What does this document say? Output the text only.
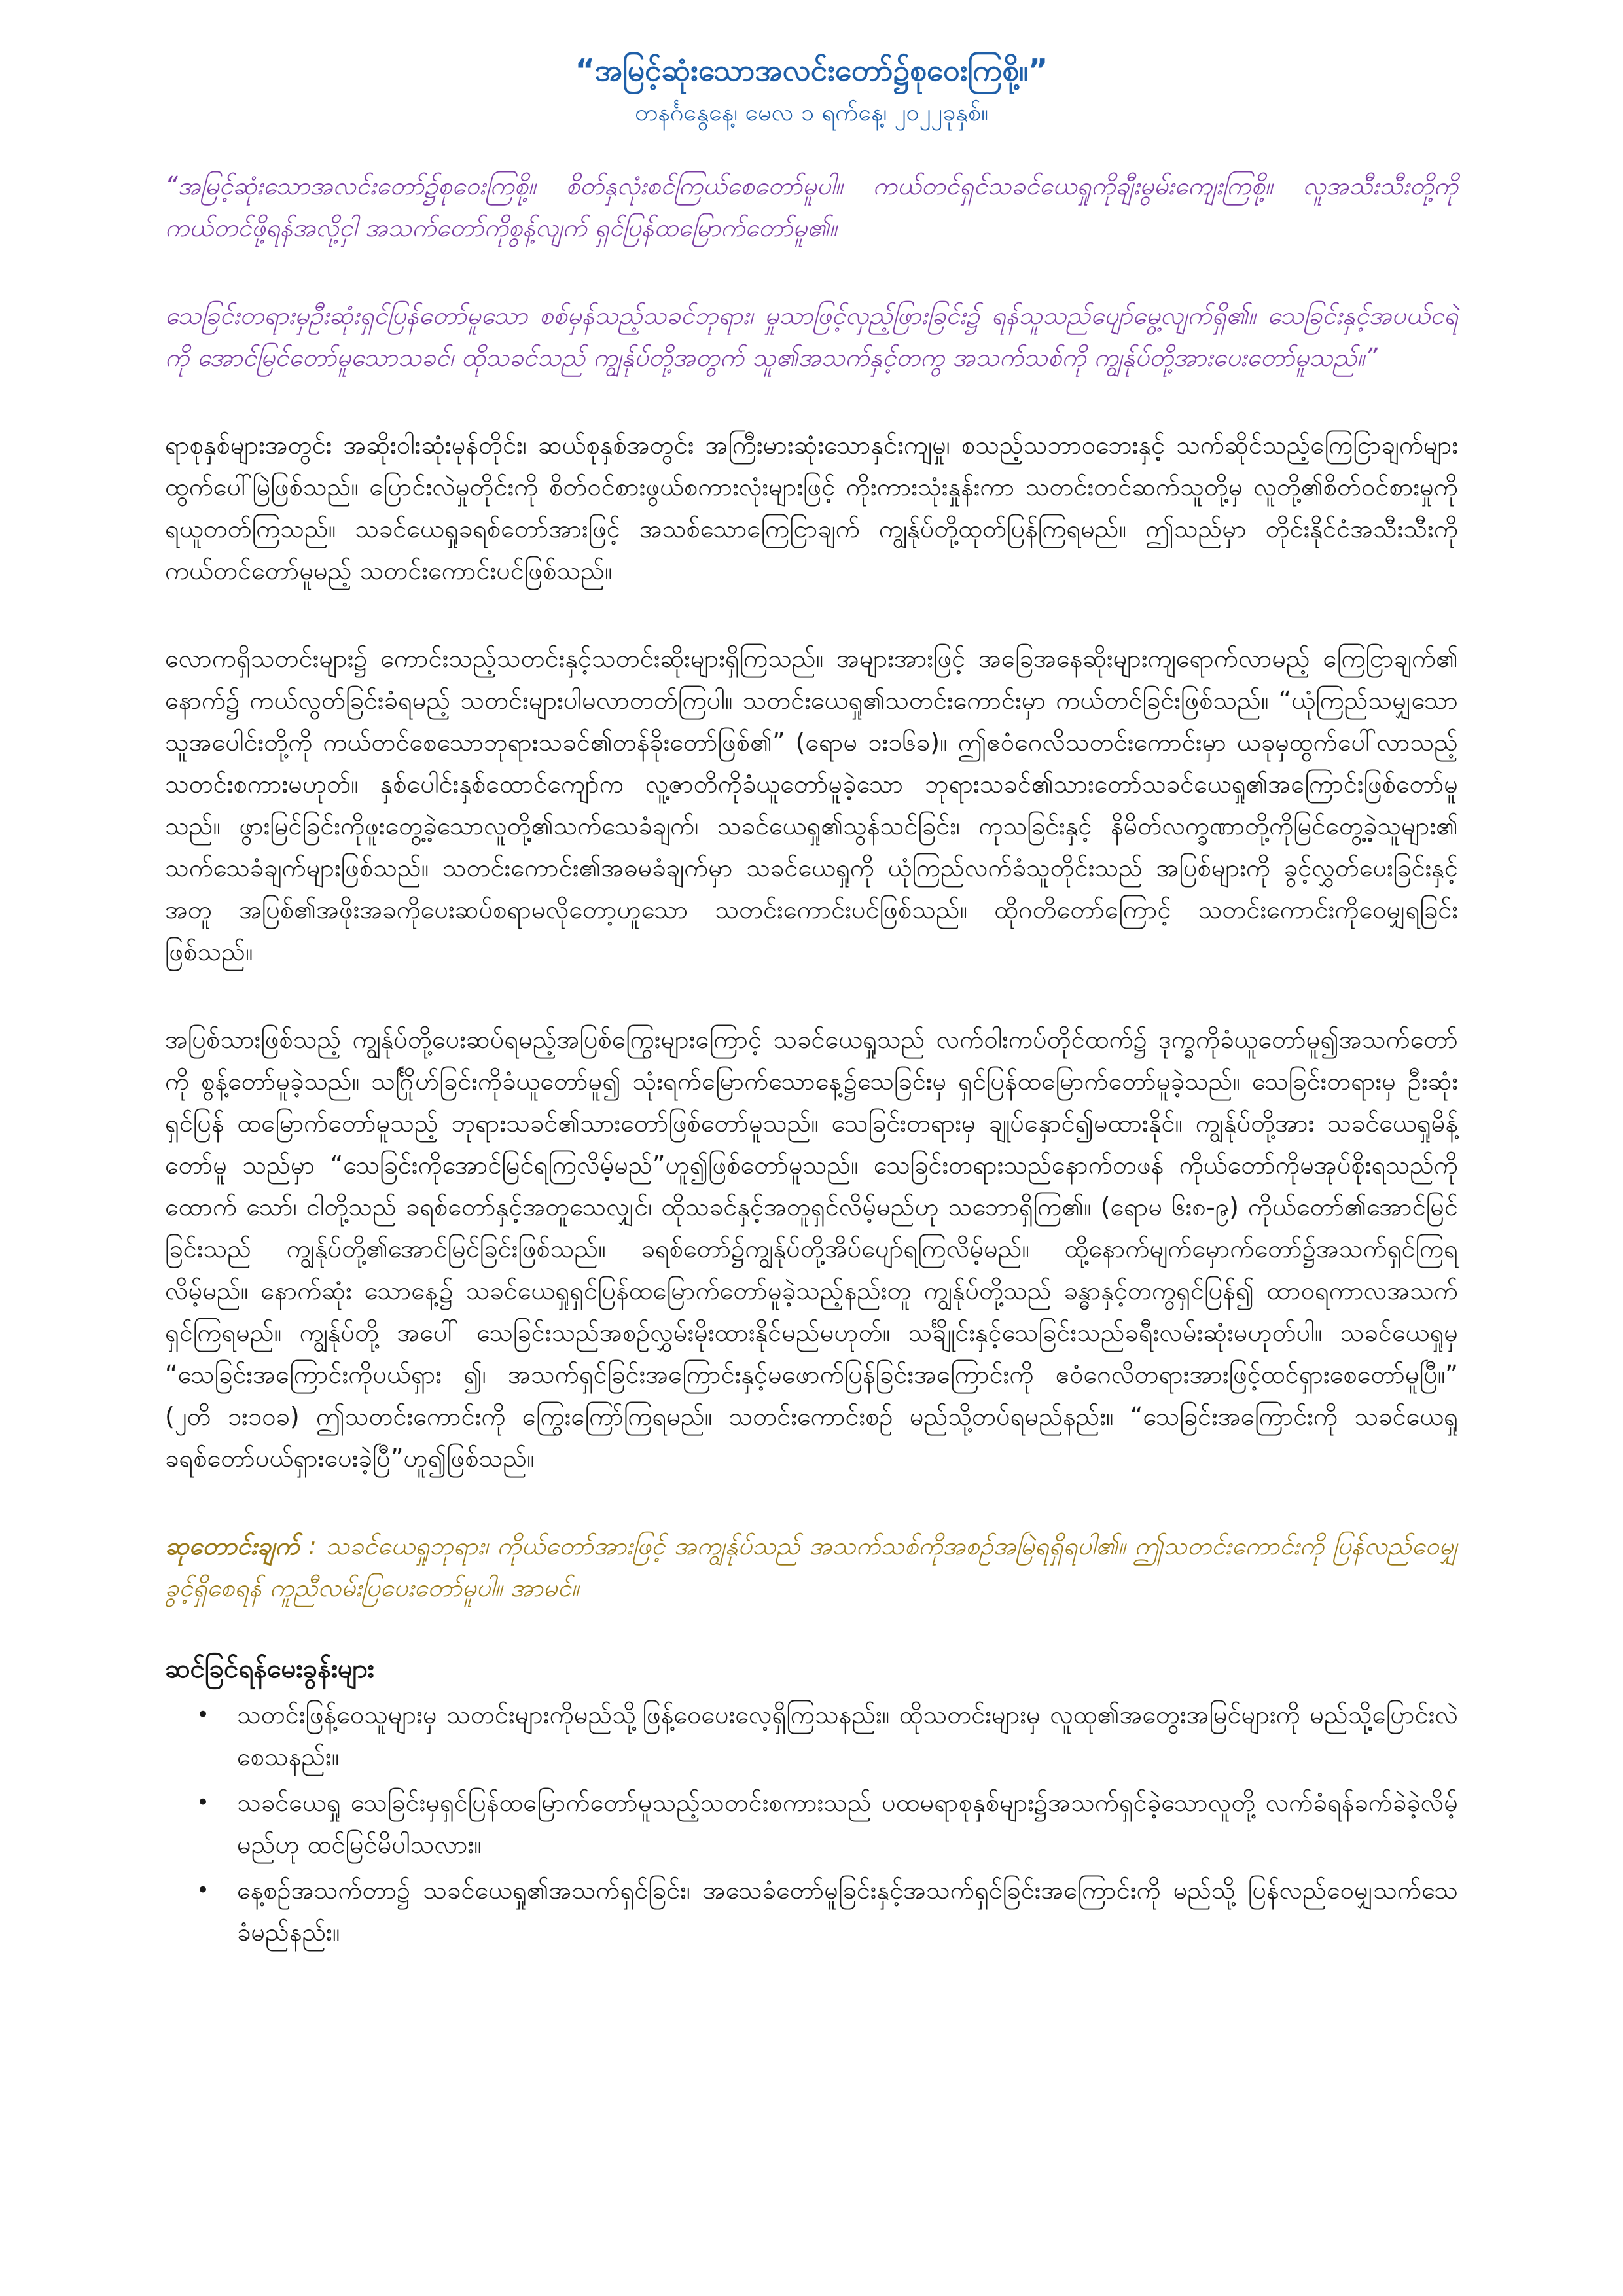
“အမြင့်ဆုံးသောအလင်းတော်၌စုဝေးကြစို့။”

တနင်္ဂနွေနေ့၊ မေလ ၁ ရက်နေ့၊ ၂၀၂၂ခုနှစ်။

“အမြင့်ဆုံးသောအလင်းတော်၌စုဝေးကြစို့။ စိတ်နှလုံးစင်ကြယ်စေတော်မူပါ။ ကယ်တင်ရှင်သခင်ယေရှုကိုချီးမွမ်းကျေးကြစို့။ လူအသီးသီးတို့ကို ကယ်တင်ဖို့ရန်အလို့ငှါ အသက်တော်ကိုစွန့်လျက် ရှင်ပြန်ထမြောက်တော်မူ၏။

သေခြင်းတရားမှဦးဆုံးရှင်ပြန်တော်မူသော စစ်မှန်သည့်သခင်ဘုရား၊ မှုသာဖြင့်လှည့်ဖြားခြင်း၌ ရန်သူသည်ပျော်မွေ့လျက်ရှိ၏။ သေခြင်းနှင့်အပယ်ငရဲကို အောင်မြင်တော်မူသောသခင်၊ ထိုသခင်သည် ကျွန်ုပ်တို့အတွက် သူ၏အသက်နှင့်တကွ အသက်သစ်ကို ကျွန်ုပ်တို့အားပေးတော်မူသည်။”

ရာစုနှစ်များအတွင်း အဆိုးဝါးဆုံးမုန်တိုင်း၊ ဆယ်စုနှစ်အတွင်း အကြီးမားဆုံးသောနှင်းကျမှု၊ စသည့်သဘာဝဘေးနှင့် သက်ဆိုင်သည့်ကြေငြာချက်များ ထွက်ပေါ်မြဲဖြစ်သည်။ ပြောင်းလဲမှုတိုင်းကို စိတ်ဝင်စားဖွယ်စကားလုံးများဖြင့် ကိုးကားသုံးနှုန်းကာ သတင်းတင်ဆက်သူတို့မှ လူတို့၏စိတ်ဝင်စားမှုကို ရယူတတ်ကြသည်။ သခင်ယေရှုခရစ်တော်အားဖြင့် အသစ်သောကြေငြာချက် ကျွန်ုပ်တို့ထုတ်ပြန်ကြရမည်။ ဤသည်မှာ တိုင်းနိုင်ငံအသီးသီးကို ကယ်တင်တော်မူမည့် သတင်းကောင်းပင်ဖြစ်သည်။

လောကရှိသတင်းများ၌ ကောင်းသည့်သတင်းနှင့်သတင်းဆိုးများရှိကြသည်။ အများအားဖြင့် အခြေအနေဆိုးများကျရောက်လာမည့် ကြေငြာချက်၏ နောက်၌ ကယ်လွတ်ခြင်းခံရမည့် သတင်းများပါမလာတတ်ကြပါ။ သတင်းယေရှု၏သတင်းကောင်းမှာ ကယ်တင်ခြင်းဖြစ်သည်။ “ယုံကြည်သမျှသော သူအပေါင်းတို့ကို ကယ်တင်စေသောဘုရားသခင်၏တန်ခိုးတော်ဖြစ်၏” (ရောမ ၁း၁၆ခ)။ ဤဧဝံဂေလိသတင်းကောင်းမှာ ယခုမှထွက်ပေါ်လာသည့် သတင်းစကားမဟုတ်။ နှစ်ပေါင်းနှစ်ထောင်ကျော်က လူ့ဇာတိကိုခံယူတော်မူခဲ့သော ဘုရားသခင်၏သားတော်သခင်ယေရှု၏အကြောင်းဖြစ်တော်မူ သည်။ ဖွားမြင်ခြင်းကိုဖူးတွေ့ခဲ့သောလူတို့၏သက်သေခံချက်၊ သခင်ယေရှု၏သွန်သင်ခြင်း၊ ကုသခြင်းနှင့် နိမိတ်လက္ခဏာတို့ကိုမြင်တွေ့ခဲ့သူများ၏ သက်သေခံချက်များဖြစ်သည်။ သတင်းကောင်း၏အဓမခံချက်မှာ သခင်ယေရှုကို ယုံကြည်လက်ခံသူတိုင်းသည် အပြစ်များကို ခွင့်လွှတ်ပေးခြင်းနှင့်အတူ အပြစ်၏အဖိုးအခကိုပေးဆပ်စရာမလိုတော့ဟူသော သတင်းကောင်းပင်ဖြစ်သည်။ ထိုဂတိတော်ကြောင့် သတင်းကောင်းကိုဝေမျှရခြင်းဖြစ်သည်။

အပြစ်သားဖြစ်သည့် ကျွန်ုပ်တို့ပေးဆပ်ရမည့်အပြစ်ကြွေးများကြောင့် သခင်ယေရှုသည် လက်ဝါးကပ်တိုင်ထက်၌ ဒုက္ခကိုခံယူတော်မူ၍အသက်တော်ကို စွန့်တော်မူခဲ့သည်။ သင်္ဂြိုဟ်ခြင်းကိုခံယူတော်မူ၍ သုံးရက်မြောက်သောနေ့၌သေခြင်းမှ ရှင်ပြန်ထမြောက်တော်မူခဲ့သည်။ သေခြင်းတရားမှ ဦးဆုံးရှင်ပြန် ထမြောက်တော်မူသည့် ဘုရားသခင်၏သားတော်ဖြစ်တော်မူသည်။ သေခြင်းတရားမှ ချုပ်နှောင်၍မထားနိုင်။ ကျွန်ုပ်တို့အား သခင်ယေရှုမိန့်တော်မူ သည်မှာ “သေခြင်းကိုအောင်မြင်ရကြလိမ့်မည်”ဟူ၍ဖြစ်တော်မူသည်။ သေခြင်းတရားသည်နောက်တဖန် ကိုယ်တော်ကိုမအုပ်စိုးရသည်ကိုထောက် သော်၊ ငါတို့သည် ခရစ်တော်နှင့်အတူသေလျှင်၊ ထိုသခင်နှင့်အတူရှင်လိမ့်မည်ဟု သဘောရှိကြ၏။ (ရောမ ၆း၈-၉) ကိုယ်တော်၏အောင်မြင်ခြင်းသည် ကျွန်ုပ်တို့၏အောင်မြင်ခြင်းဖြစ်သည်။ ခရစ်တော်၌ကျွန်ုပ်တို့အိပ်ပျော်ရကြလိမ့်မည်။ ထို့နောက်မျက်မှောက်တော်၌အသက်ရှင်ကြရလိမ့်မည်။ နောက်ဆုံး သောနေ့၌ သခင်ယေရှုရှင်ပြန်ထမြောက်တော်မူခဲ့သည့်နည်းတူ ကျွန်ုပ်တို့သည် ခန္ဓာနှင့်တကွရှင်ပြန်၍ ထာဝရကာလအသက်ရှင်ကြရမည်။ ကျွန်ုပ်တို့ အပေါ် သေခြင်းသည်အစဉ်လွှမ်းမိုးထားနိုင်မည်မဟုတ်။ သင်္ချိုင်းနှင့်သေခြင်းသည်ခရီးလမ်းဆုံးမဟုတ်ပါ။ သခင်ယေရှုမှ “သေခြင်းအကြောင်းကိုပယ်ရှား ၍၊ အသက်ရှင်ခြင်းအကြောင်းနှင့်မဖောက်ပြန်ခြင်းအကြောင်းကို ဧဝံဂေလိတရားအားဖြင့်ထင်ရှားစေတော်မူပြီ။” (၂တိ ၁း၁၀ခ) ဤသတင်းကောင်းကို ကြွေးကြော်ကြရမည်။ သတင်းကောင်းစဉ် မည်သို့တပ်ရမည်နည်း။ “သေခြင်းအကြောင်းကို သခင်ယေရှုခရစ်တော်ပယ်ရှားပေးခဲ့ပြီ”ဟူ၍ဖြစ်သည်။

ဆုတောင်းချက် : သခင်ယေရှုဘုရား၊ ကိုယ်တော်အားဖြင့် အကျွန်ုပ်သည် အသက်သစ်ကိုအစဉ်အမြဲရရှိရပါ၏။ ဤသတင်းကောင်းကို ပြန်လည်ဝေမျှ ခွင့်ရှိစေရန် ကူညီလမ်းပြပေးတော်မူပါ။ အာမင်။

ဆင်ခြင်ရန်မေးခွန်းများ

• သတင်းဖြန့်ဝေသူများမှ သတင်းများကိုမည်သို့ဖြန့်ဝေပေးလေ့ရှိကြသနည်း။ ထိုသတင်းများမှ လူထု၏အတွေးအမြင်များကို မည်သို့ပြောင်းလဲ စေသနည်း။
• သခင်ယေရှု သေခြင်းမှရှင်ပြန်ထမြောက်တော်မူသည့်သတင်းစကားသည် ပထမရာစုနှစ်များ၌အသက်ရှင်ခဲ့သောလူတို့ လက်ခံရန်ခက်ခဲခဲ့လိမ့် မည်ဟု ထင်မြင်မိပါသလား။
• နေ့စဉ်အသက်တာ၌ သခင်ယေရှု၏အသက်ရှင်ခြင်း၊ အသေခံတော်မူခြင်းနှင့်အသက်ရှင်ခြင်းအကြောင်းကို မည်သို့ ပြန်လည်ဝေမျှသက်သေ ခံမည်နည်း။
